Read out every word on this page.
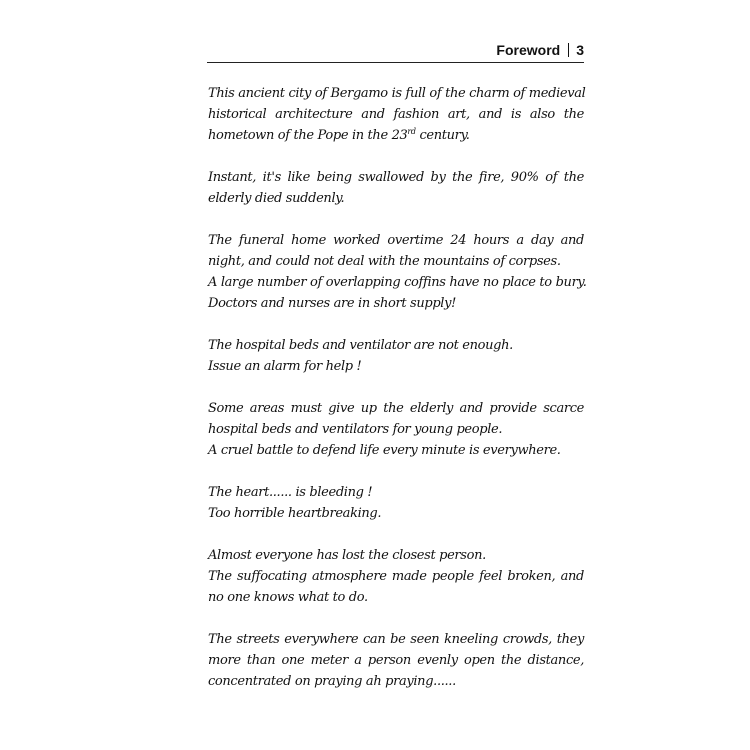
Foreword 3
This ancient city of Bergamo is full of the charm of medieval
historical architecture and fashion art, and is also the
hometown of the Pope in the 23rd century.
Instant, it's like being swallowed by the fire, 90% of the
elderly died suddenly.
The funeral home worked overtime 24 hours a day and
night, and could not deal with the mountains of corpses.
A large number of overlapping coffins have no place to bury.
Doctors and nurses are in short supply!
The hospital beds and ventilator are not enough.
Issue an alarm for help !
Some areas must give up the elderly and provide scarce
hospital beds and ventilators for young people.
A cruel battle to defend life every minute is everywhere.
The heart...... is bleeding !
Too horrible heartbreaking.
Almost everyone has lost the closest person.
The suffocating atmosphere made people feel broken, and
no one knows what to do.
The streets everywhere can be seen kneeling crowds, they
more than one meter a person evenly open the distance,
concentrated on praying ah praying......
